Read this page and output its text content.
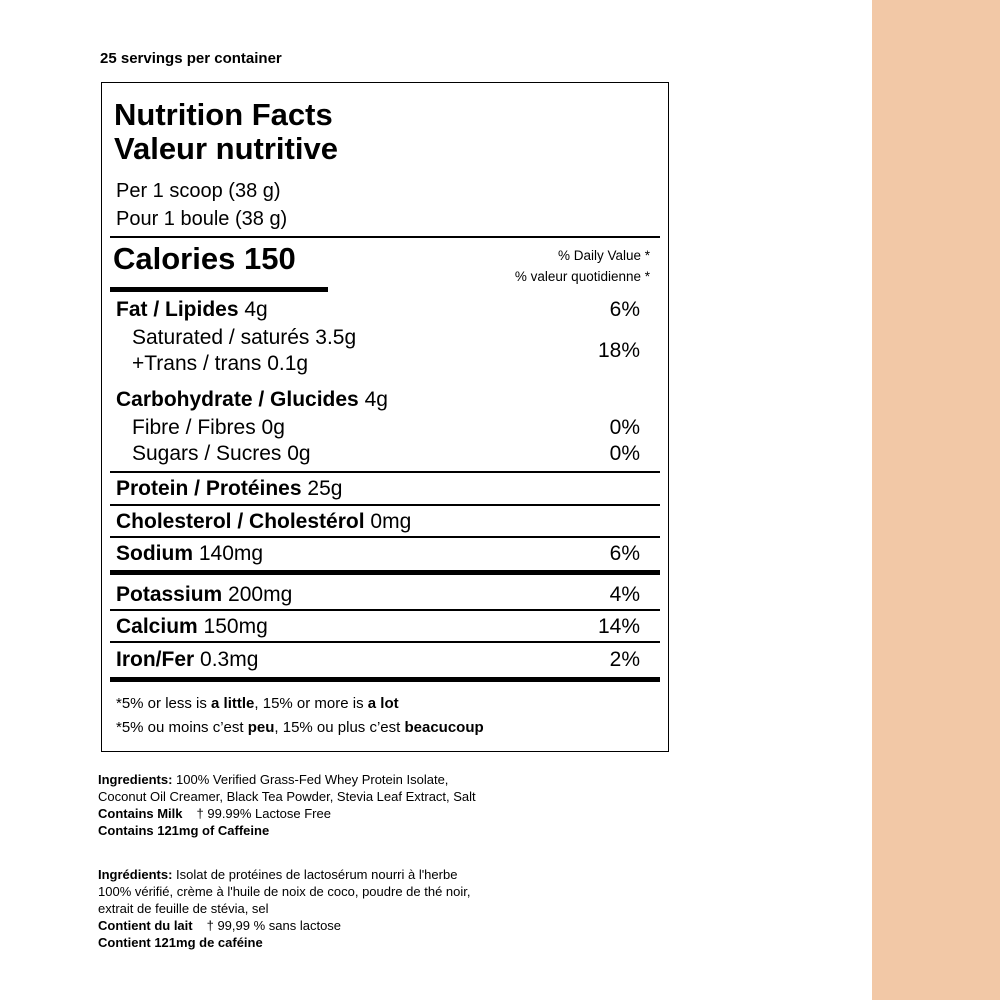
25 servings per container
Nutrition Facts
Valeur nutritive
Per 1 scoop (38 g)
Pour 1 boule (38 g)
Calories 150	% Daily Value *
% valeur quotidienne *
Fat / Lipides 4g	6%
Saturated / saturés 3.5g
+Trans / trans 0.1g
18%
Carbohydrate / Glucides 4g
Fibre / Fibres 0g	0%
Sugars / Sucres 0g	0%
Protein / Protéines 25g
Cholesterol / Cholestérol 0mg
Sodium 140mg	6%
Potassium 200mg	4%
Calcium 150mg	14%
Iron/Fer 0.3mg	2%
*5% or less is a little, 15% or more is a lot
*5% ou moins c’est peu, 15% ou plus c’est beacucoup

Ingredients: 100% Verified Grass-Fed Whey Protein Isolate, Coconut Oil Creamer, Black Tea Powder, Stevia Leaf Extract, Salt

Contains Milk † 99.99% Lactose Free

Contains 121mg of Caffeine

Ingrédients: Isolat de protéines de lactosérum nourri à l'herbe 100% vérifié, crème à l'huile de noix de coco, poudre de thé noir, extrait de feuille de stévia, sel

Contient du lait † 99,99 % sans lactose

Contient 121mg de caféine
